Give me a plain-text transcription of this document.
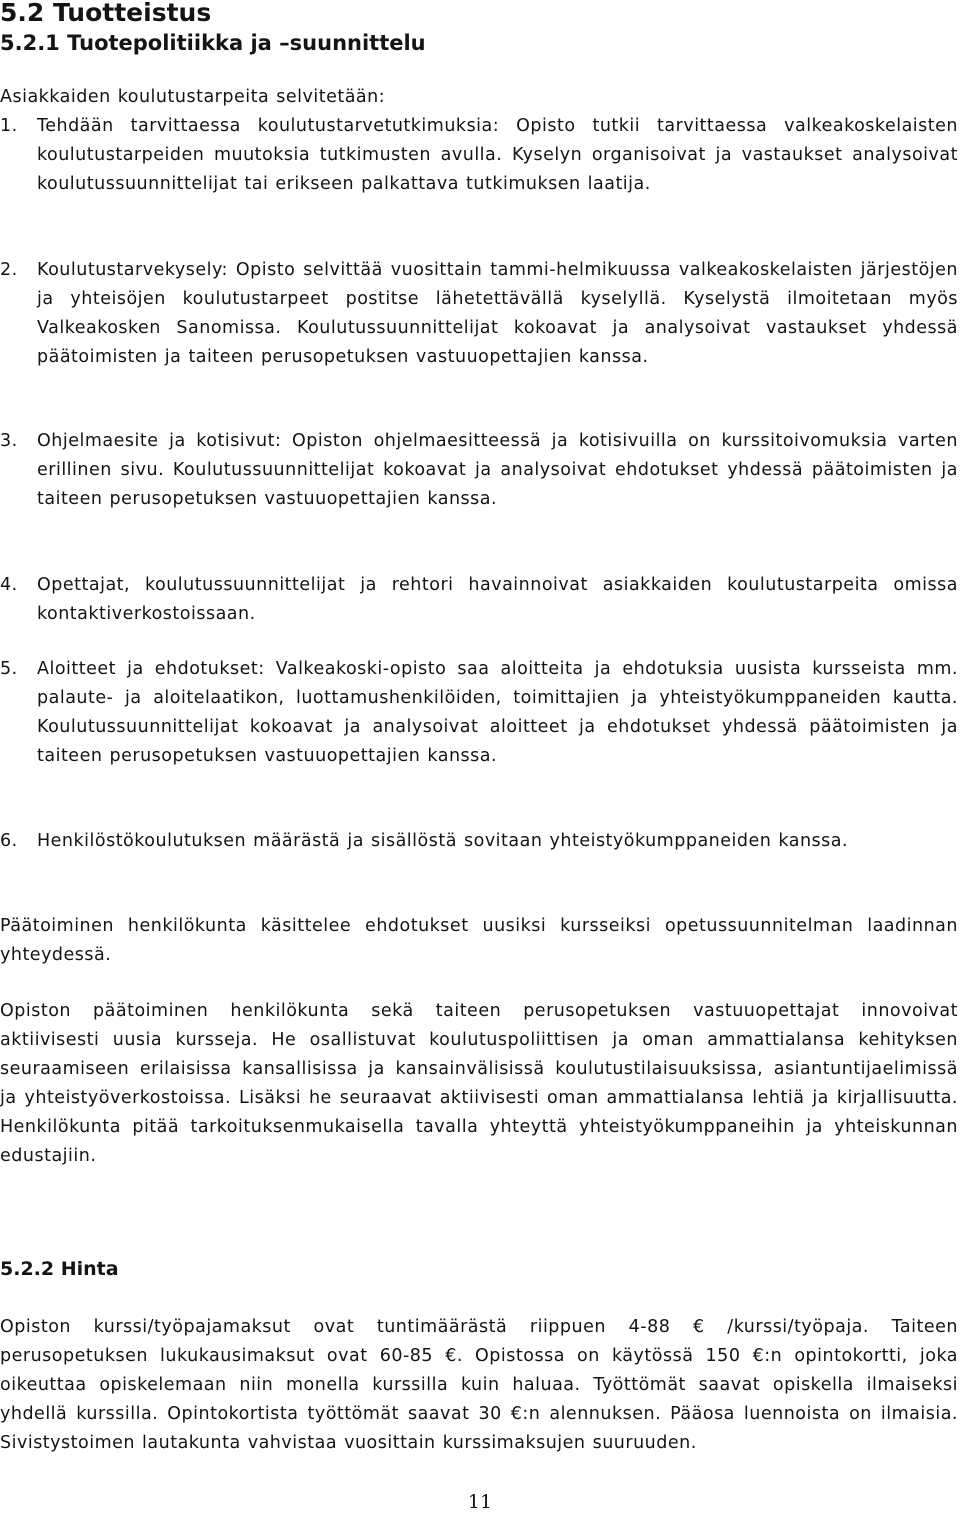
5.2 Tuotteistus
5.2.1 Tuotepolitiikka ja –suunnittelu

Asiakkaiden koulutustarpeita selvitetään:

1. Tehdään tarvittaessa koulutustarvetutkimuksia: Opisto tutkii tarvittaessa valkeakoskelaisten koulutustarpeiden muutoksia tutkimusten avulla. Kyselyn organisoivat ja vastaukset analysoivat koulutussuunnittelijat tai erikseen palkattava tutkimuksen laatija.
2. Koulutustarvekysely: Opisto selvittää vuosittain tammi-helmikuussa valkeakoskelaisten järjestöjen ja yhteisöjen koulutustarpeet postitse lähetettävällä kyselyllä. Kyselystä ilmoitetaan myös Valkeakosken Sanomissa. Koulutussuunnittelijat kokoavat ja analysoivat vastaukset yhdessä päätoimisten ja taiteen perusopetuksen vastuuopettajien kanssa.
3. Ohjelmaesite ja kotisivut: Opiston ohjelmaesitteessä ja kotisivuilla on kurssitoivomuksia varten erillinen sivu. Koulutussuunnittelijat kokoavat ja analysoivat ehdotukset yhdessä päätoimisten ja taiteen perusopetuksen vastuuopettajien kanssa.
4. Opettajat, koulutussuunnittelijat ja rehtori havainnoivat asiakkaiden koulutustarpeita omissa kontaktiverkostoissaan.
5. Aloitteet ja ehdotukset: Valkeakoski-opisto saa aloitteita ja ehdotuksia uusista kursseista mm. palaute- ja aloitelaatikon, luottamushenkilöiden, toimittajien ja yhteistyökumppaneiden kautta. Koulutussuunnittelijat kokoavat ja analysoivat aloitteet ja ehdotukset yhdessä päätoimisten ja taiteen perusopetuksen vastuuopettajien kanssa.
6. Henkilöstökoulutuksen määrästä ja sisällöstä sovitaan yhteistyökumppaneiden kanssa.

Päätoiminen henkilökunta käsittelee ehdotukset uusiksi kursseiksi opetussuunnitelman laadinnan yhteydessä.

Opiston päätoiminen henkilökunta sekä taiteen perusopetuksen vastuuopettajat innovoivat aktiivisesti uusia kursseja. He osallistuvat koulutuspoliittisen ja oman ammattialansa kehityksen seuraamiseen erilaisissa kansallisissa ja kansainvälisissä koulutustilaisuuksissa, asiantuntijaelimissä ja yhteistyöverkostoissa. Lisäksi he seuraavat aktiivisesti oman ammattialansa lehtiä ja kirjallisuutta. Henkilökunta pitää tarkoituksenmukaisella tavalla yhteyttä yhteistyökumppaneihin ja yhteiskunnan edustajiin.

5.2.2 Hinta

Opiston kurssi/työpajamaksut ovat tuntimäärästä riippuen 4-88 € /kurssi/työpaja. Taiteen perusopetuksen lukukausimaksut ovat 60-85 €. Opistossa on käytössä 150 €:n opintokortti, joka oikeuttaa opiskelemaan niin monella kurssilla kuin haluaa. Työttömät saavat opiskella ilmaiseksi yhdellä kurssilla. Opintokortista työttömät saavat 30 €:n alennuksen. Pääosa luennoista on ilmaisia. Sivistystoimen lautakunta vahvistaa vuosittain kurssimaksujen suuruuden.

11
